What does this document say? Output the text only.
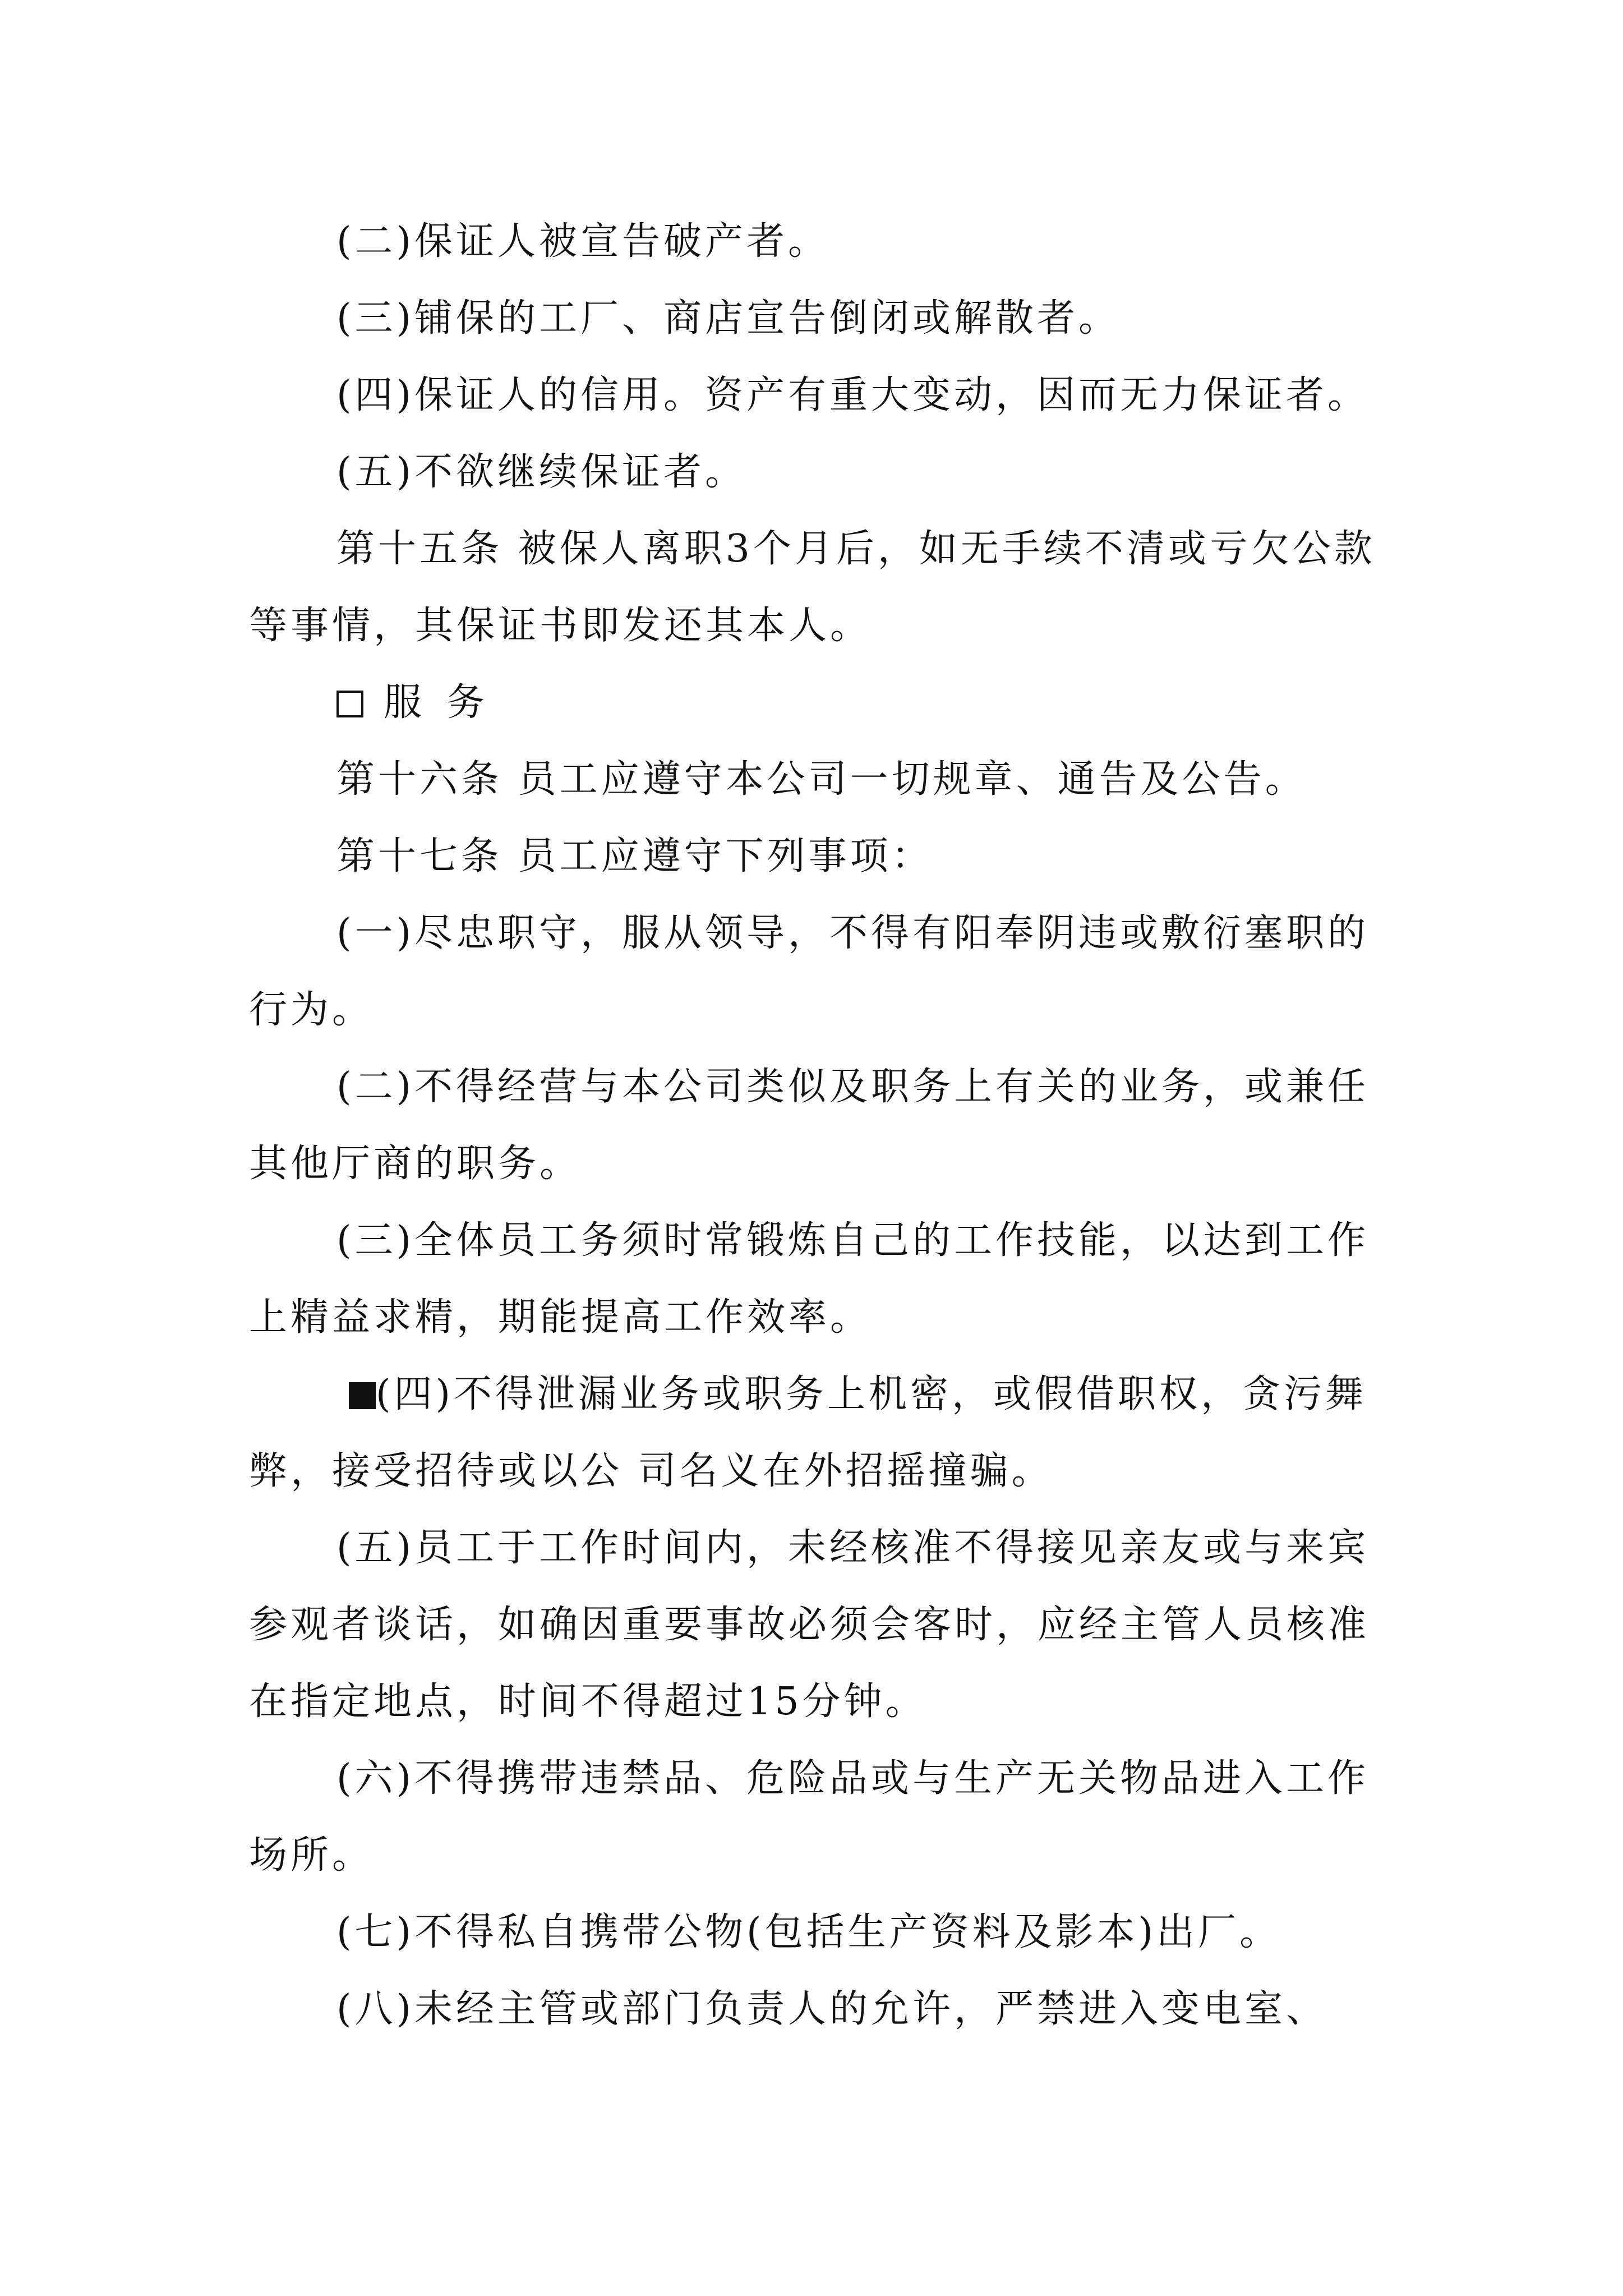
(二)保证人被宣告破产者。

(三)铺保的工厂、商店宣告倒闭或解散者。

(四)保证人的信用。资产有重大变动，因而无力保证者。

(五)不欲继续保证者。

第十五条 被保人离职3个月后，如无手续不清或亏欠公款等事情，其保证书即发还其本人。

服务

第十六条 员工应遵守本公司一切规章、通告及公告。

第十七条 员工应遵守下列事项：

(一)尽忠职守，服从领导，不得有阳奉阴违或敷衍塞职的行为。

(二)不得经营与本公司类似及职务上有关的业务，或兼任其他厅商的职务。

(三)全体员工务须时常锻炼自己的工作技能，以达到工作上精益求精，期能提高工作效率。

(四)不得泄漏业务或职务上机密，或假借职权，贪污舞弊，接受招待或以公 司名义在外招摇撞骗。

(五)员工于工作时间内，未经核准不得接见亲友或与来宾参观者谈话，如确因重要事故必须会客时，应经主管人员核准在指定地点，时间不得超过15分钟。

(六)不得携带违禁品、危险品或与生产无关物品进入工作场所。

(七)不得私自携带公物(包括生产资料及影本)出厂。

(八)未经主管或部门负责人的允许，严禁进入变电室、
